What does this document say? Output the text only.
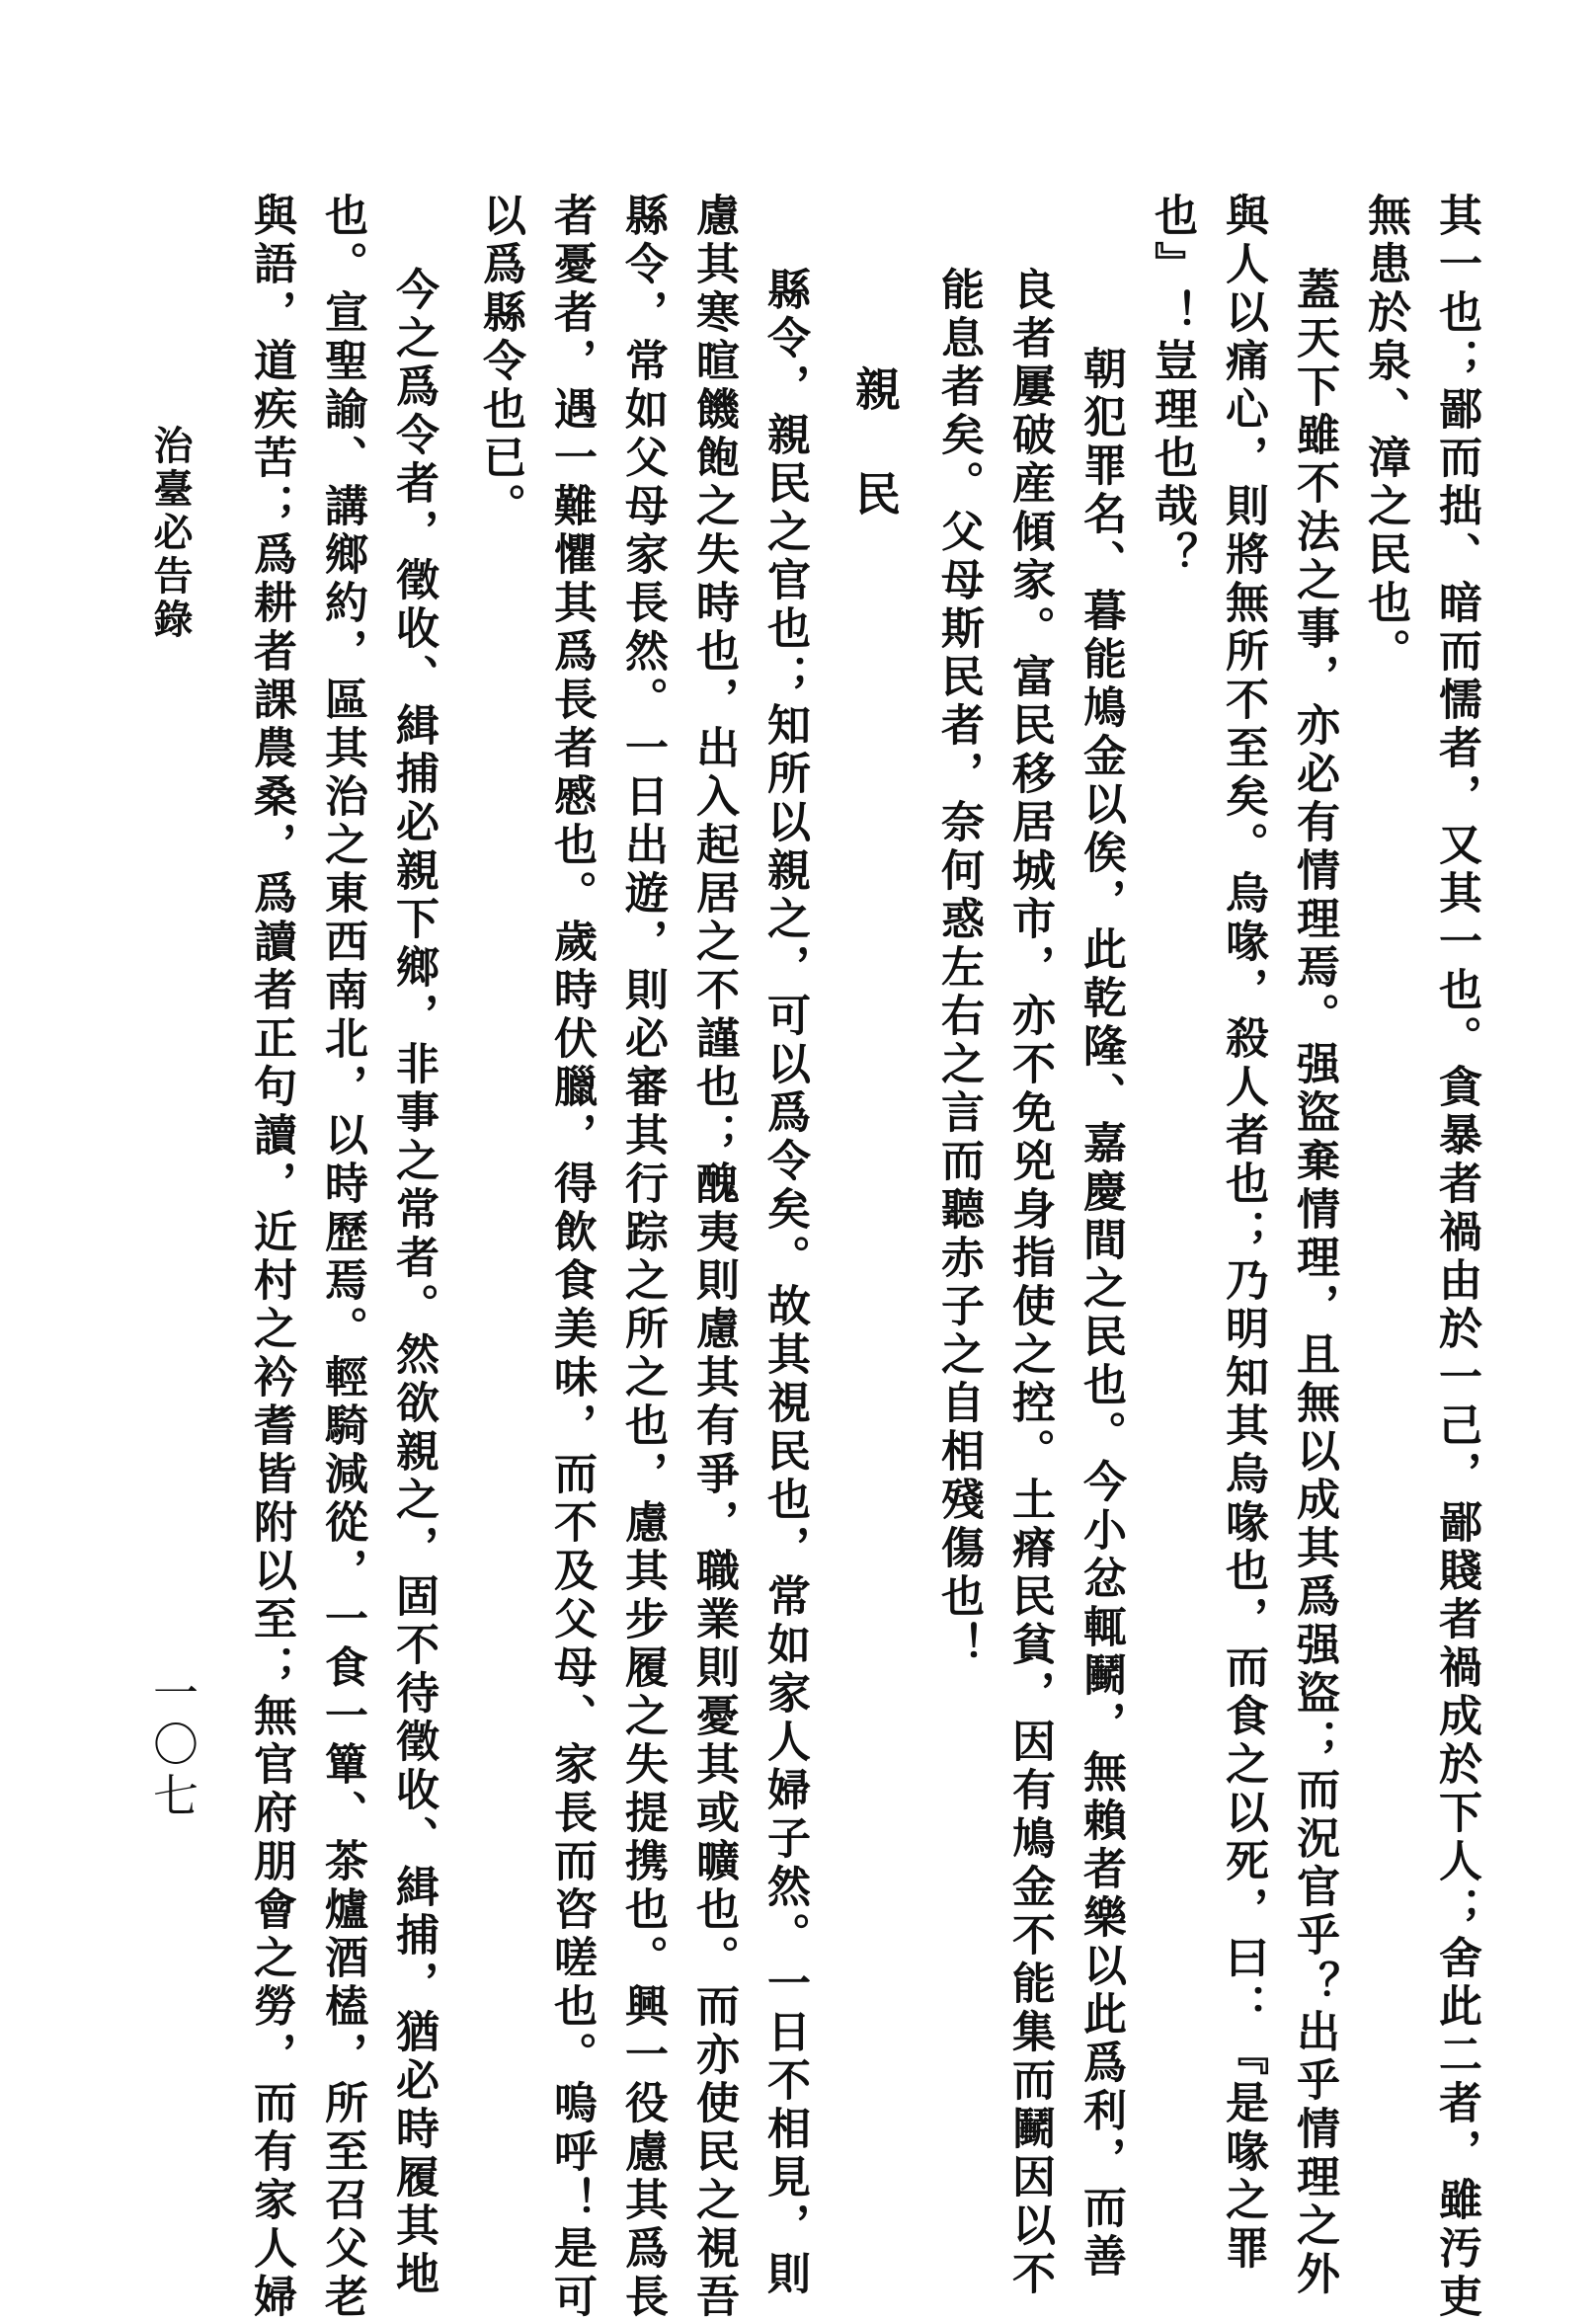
其一也；鄙而拙、暗而懦者，又其一也。貪暴者禍由於一己，鄙賤者禍成於下人；舍此二者，雖汚吏
無患於泉、漳之民也。
蓋天下雖不法之事，亦必有情理焉。强盜棄情理，且無以成其爲强盜；而況官乎？出乎情理之外
與人以痛心，則將無所不至矣。烏喙，殺人者也；乃明知其烏喙也，而食之以死，曰：『是喙之罪
也』！豈理也哉？
朝犯罪名、暮能鳩金以俟，此乾隆、嘉慶間之民也。今小忿輒鬭，無賴者樂以此爲利，而善
良者屢破産傾家。富民移居城市，亦不免兇身指使之控。土瘠民貧，因有鳩金不能集而鬭因以不
能息者矣。父母斯民者，奈何惑左右之言而聽赤子之自相殘傷也！
親民
縣令，親民之官也；知所以親之，可以爲令矣。故其視民也，常如家人婦子然。一日不相見，則
慮其寒暄饑飽之失時也，出入起居之不謹也；醜夷則慮其有爭，職業則憂其或曠也。而亦使民之視吾
縣令，常如父母家長然。一日出遊，則必審其行踪之所之也，慮其步履之失提携也。興一役慮其爲長
者憂者，遇一難懼其爲長者慼也。歲時伏臘，得飲食美味，而不及父母、家長而咨嗟也。嗚呼！是可
以爲縣令也已。
今之爲令者，徵收、緝捕必親下鄉，非事之常者。然欲親之，固不待徵收、緝捕，猶必時履其地
也。宣聖諭、講鄉約，區其治之東西南北，以時歷焉。輕騎減從，一食一簞、茶爐酒榼，所至召父老
與語，道疾苦；爲耕者課農桑，爲讀者正句讀，近村之衿耆皆附以至；無官府朋會之勞，而有家人婦
治臺必告錄
一〇七
